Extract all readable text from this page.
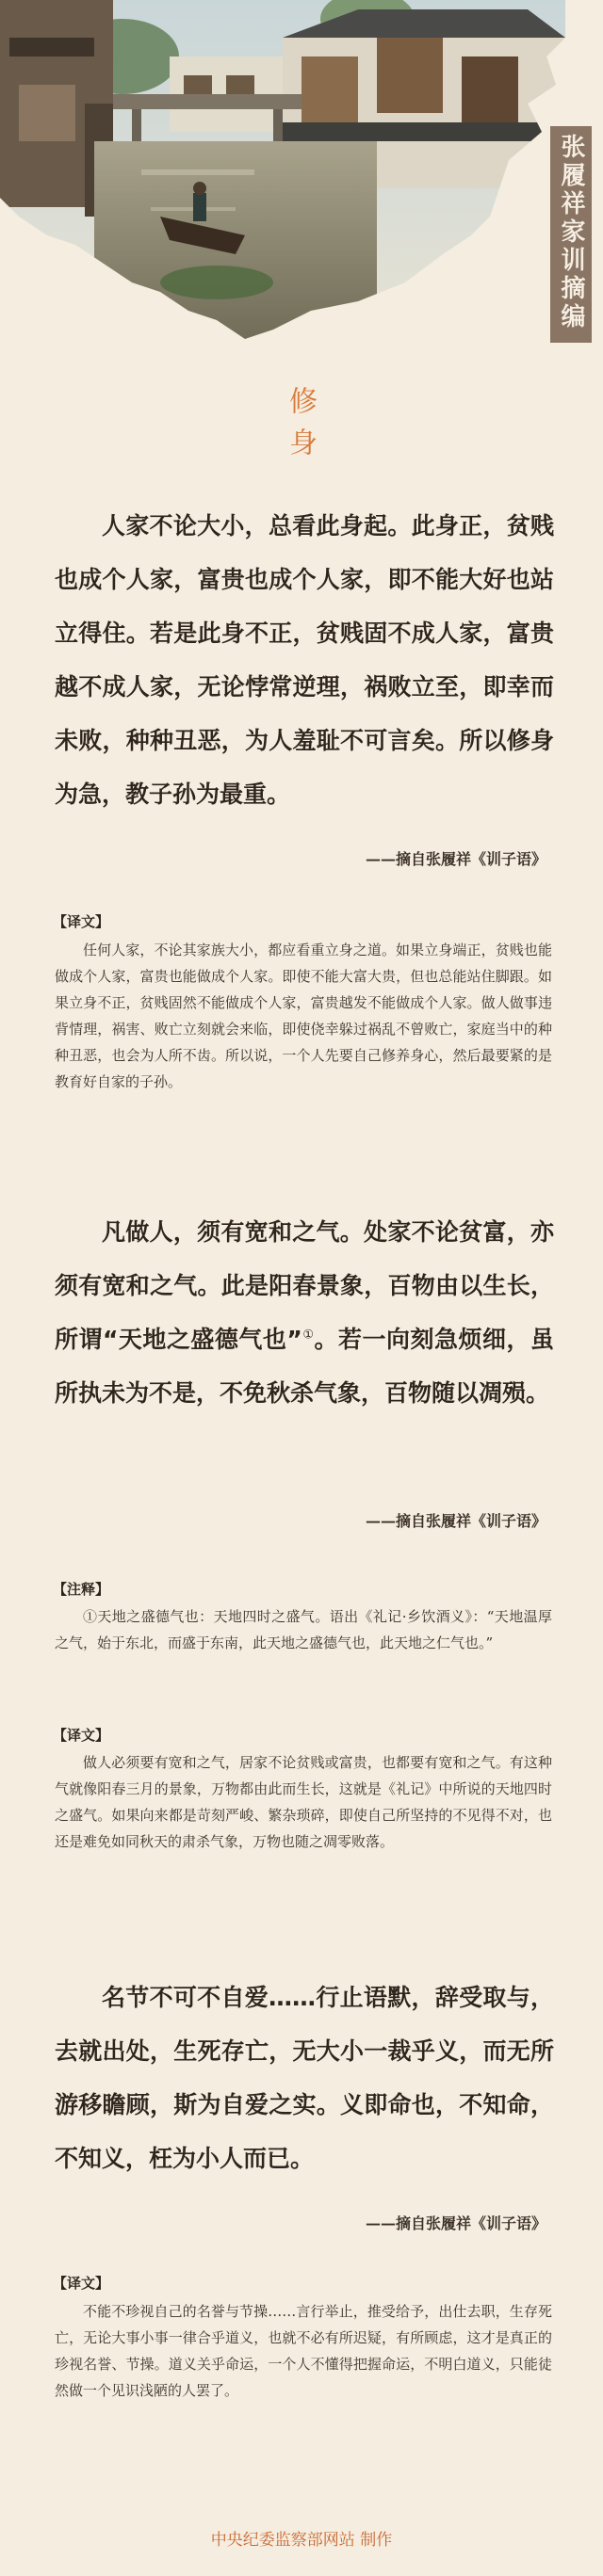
张履祥家训摘编
修身
人家不论大小，总看此身起。此身正，贫贱也成个人家，富贵也成个人家，即不能大好也站立得住。若是此身不正，贫贱固不成人家，富贵越不成人家，无论悖常逆理，祸败立至，即幸而未败，种种丑恶，为人羞耻不可言矣。所以修身为急，教子孙为最重。
——摘自张履祥《训子语》
【译文】
任何人家，不论其家族大小，都应看重立身之道。如果立身端正，贫贱也能做成个人家，富贵也能做成个人家。即使不能大富大贵，但也总能站住脚跟。如果立身不正，贫贱固然不能做成个人家，富贵越发不能做成个人家。做人做事违背情理，祸害、败亡立刻就会来临，即使侥幸躲过祸乱不曾败亡，家庭当中的种种丑恶，也会为人所不齿。所以说，一个人先要自己修养身心，然后最要紧的是教育好自家的子孙。
凡做人，须有宽和之气。处家不论贫富，亦须有宽和之气。此是阳春景象，百物由以生长，所谓“天地之盛德气也”①。若一向刻急烦细，虽所执未为不是，不免秋杀气象，百物随以凋殒。
——摘自张履祥《训子语》
【注释】
①天地之盛德气也：天地四时之盛气。语出《礼记·乡饮酒义》：“天地温厚之气，始于东北，而盛于东南，此天地之盛德气也，此天地之仁气也。”
【译文】
做人必须要有宽和之气，居家不论贫贱或富贵，也都要有宽和之气。有这种气就像阳春三月的景象，万物都由此而生长，这就是《礼记》中所说的天地四时之盛气。如果向来都是苛刻严峻、繁杂琐碎，即使自己所坚持的不见得不对，也还是难免如同秋天的肃杀气象，万物也随之凋零败落。
名节不可不自爱……行止语默，辞受取与，去就出处，生死存亡，无大小一裁乎义，而无所游移瞻顾，斯为自爱之实。义即命也，不知命，不知义，枉为小人而已。
——摘自张履祥《训子语》
【译文】
不能不珍视自己的名誉与节操……言行举止，推受给予，出仕去职，生存死亡，无论大事小事一律合乎道义，也就不必有所迟疑，有所顾虑，这才是真正的珍视名誉、节操。道义关乎命运，一个人不懂得把握命运，不明白道义，只能徒然做一个见识浅陋的人罢了。
中央纪委监察部网站 制作
